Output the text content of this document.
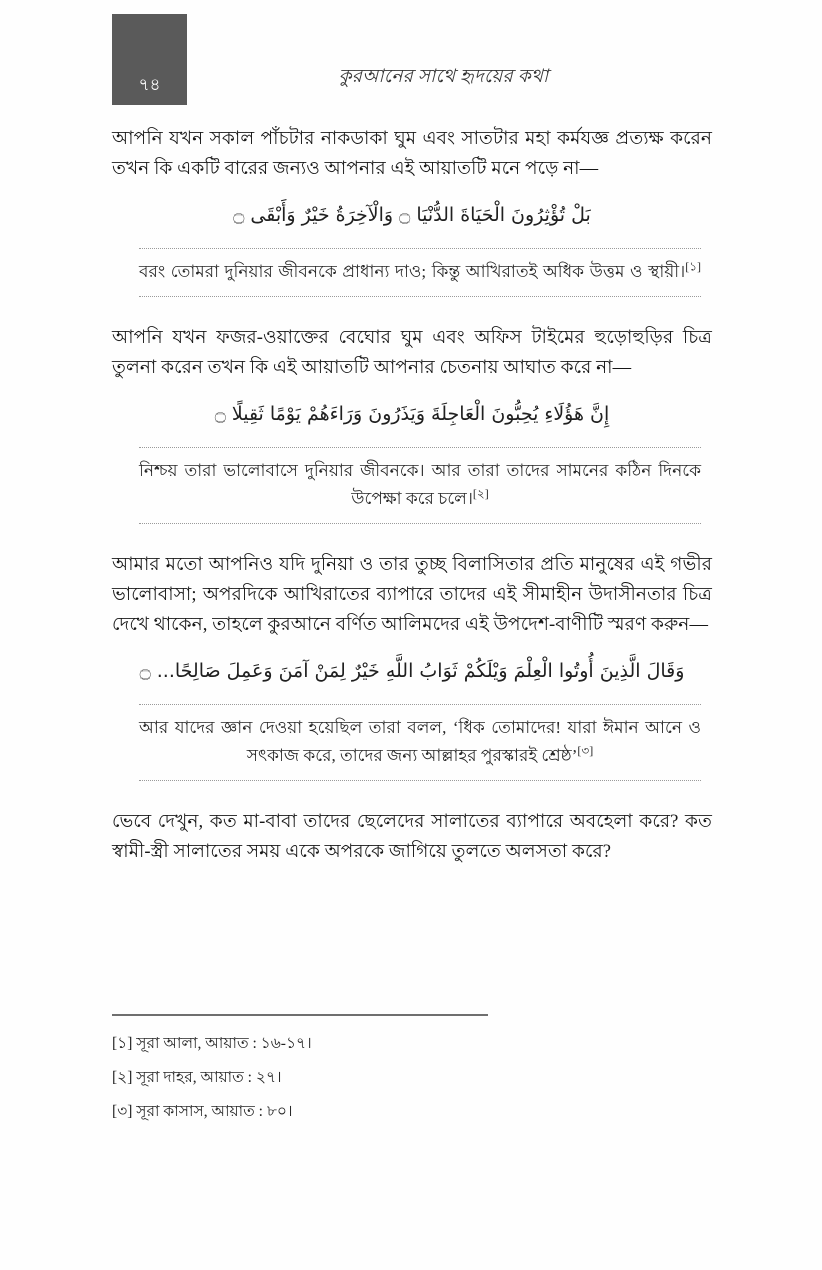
৭৪	কুরআনের সাথে হৃদয়ের কথা

আপনি যখন সকাল পাঁচটার নাকডাকা ঘুম এবং সাতটার মহা কর্মযজ্ঞ প্রত্যক্ষ করেন তখন কি একটি বারের জন্যও আপনার এই আয়াতটি মনে পড়ে না—

بَلْ تُؤْثِرُونَ الْحَيَاةَ الدُّنْيَا ۝ وَالْآخِرَةُ خَيْرٌ وَأَبْقَى ۝

বরং তোমরা দুনিয়ার জীবনকে প্রাধান্য দাও; কিন্তু আখিরাতই অধিক উত্তম ও স্থায়ী।[১]

আপনি যখন ফজর-ওয়াক্তের বেঘোর ঘুম এবং অফিস টাইমের হুড়োহুড়ির চিত্র তুলনা করেন তখন কি এই আয়াতটি আপনার চেতনায় আঘাত করে না—

إِنَّ هَؤُلَاءِ يُحِبُّونَ الْعَاجِلَةَ وَيَذَرُونَ وَرَاءَهُمْ يَوْمًا ثَقِيلًا ۝

নিশ্চয় তারা ভালোবাসে দুনিয়ার জীবনকে। আর তারা তাদের সামনের কঠিন দিনকে উপেক্ষা করে চলে।[২]

আমার মতো আপনিও যদি দুনিয়া ও তার তুচ্ছ বিলাসিতার প্রতি মানুষের এই গভীর ভালোবাসা; অপরদিকে আখিরাতের ব্যাপারে তাদের এই সীমাহীন উদাসীনতার চিত্র দেখে থাকেন, তাহলে কুরআনে বর্ণিত আলিমদের এই উপদেশ-বাণীটি স্মরণ করুন—

وَقَالَ الَّذِينَ أُوتُوا الْعِلْمَ وَيْلَكُمْ ثَوَابُ اللَّهِ خَيْرٌ لِمَنْ آمَنَ وَعَمِلَ صَالِحًا... ۝

আর যাদের জ্ঞান দেওয়া হয়েছিল তারা বলল, ‘ধিক তোমাদের! যারা ঈমান আনে ও সৎকাজ করে, তাদের জন্য আল্লাহর পুরস্কারই শ্রেষ্ঠ’[৩]

ভেবে দেখুন, কত মা-বাবা তাদের ছেলেদের সালাতের ব্যাপারে অবহেলা করে? কত স্বামী-স্ত্রী সালাতের সময় একে অপরকে জাগিয়ে তুলতে অলসতা করে?

[১] সূরা আলা, আয়াত : ১৬-১৭।

[২] সূরা দাহর, আয়াত : ২৭।

[৩] সূরা কাসাস, আয়াত : ৮০।
